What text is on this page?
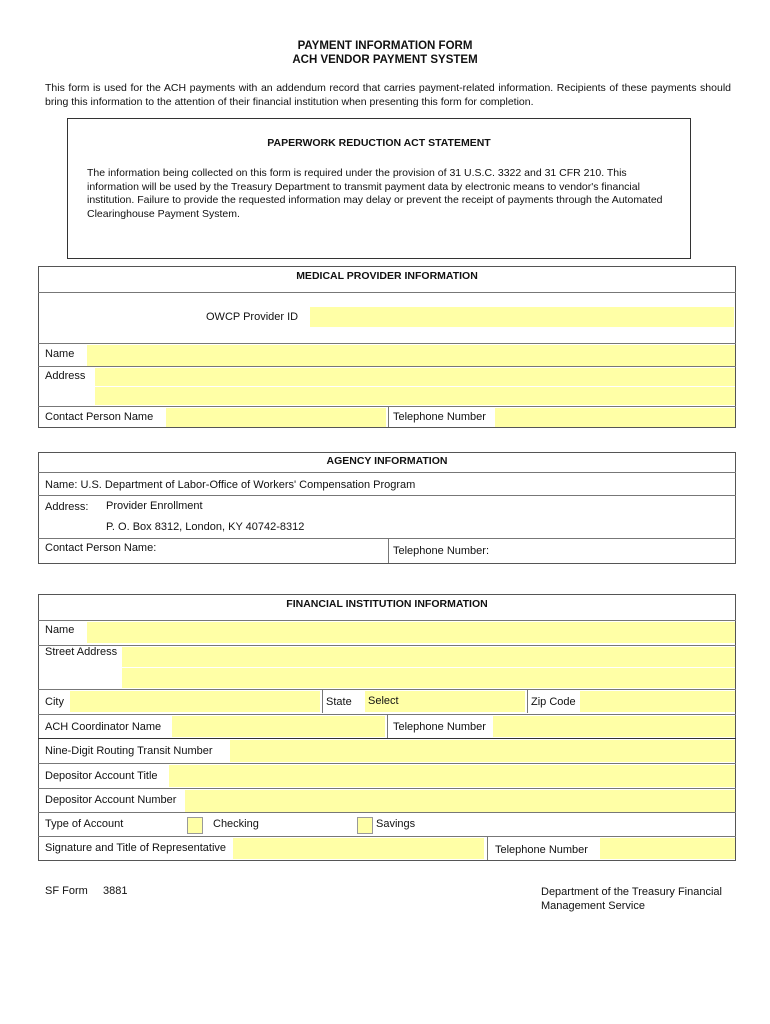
PAYMENT INFORMATION FORM
ACH VENDOR PAYMENT SYSTEM
This form is used for the ACH payments with an addendum record that carries payment-related information. Recipients of these payments should bring this information to the attention of their financial institution when presenting this form for completion.
PAPERWORK REDUCTION ACT STATEMENT
The information being collected on this form is required under the provision of 31 U.S.C. 3322 and 31 CFR 210. This information will be used by the Treasury Department to transmit payment data by electronic means to vendor's financial institution. Failure to provide the requested information may delay or prevent the receipt of payments through the Automated Clearinghouse Payment System.
MEDICAL PROVIDER INFORMATION
OWCP Provider ID
Name
Address
Contact Person Name	Telephone Number
AGENCY INFORMATION
Name: U.S. Department of Labor-Office of Workers' Compensation Program
Address: Provider Enrollment
P. O. Box 8312, London, KY 40742-8312
Contact Person Name:	Telephone Number:
FINANCIAL INSTITUTION INFORMATION
Name
Street Address
City	State Select	Zip Code
ACH Coordinator Name	Telephone Number
Nine-Digit Routing Transit Number
Depositor Account Title
Depositor Account Number
Type of Account	Checking	Savings
Signature and Title of Representative	Telephone Number
SF Form 3881	Department of the Treasury Financial
Management Service
